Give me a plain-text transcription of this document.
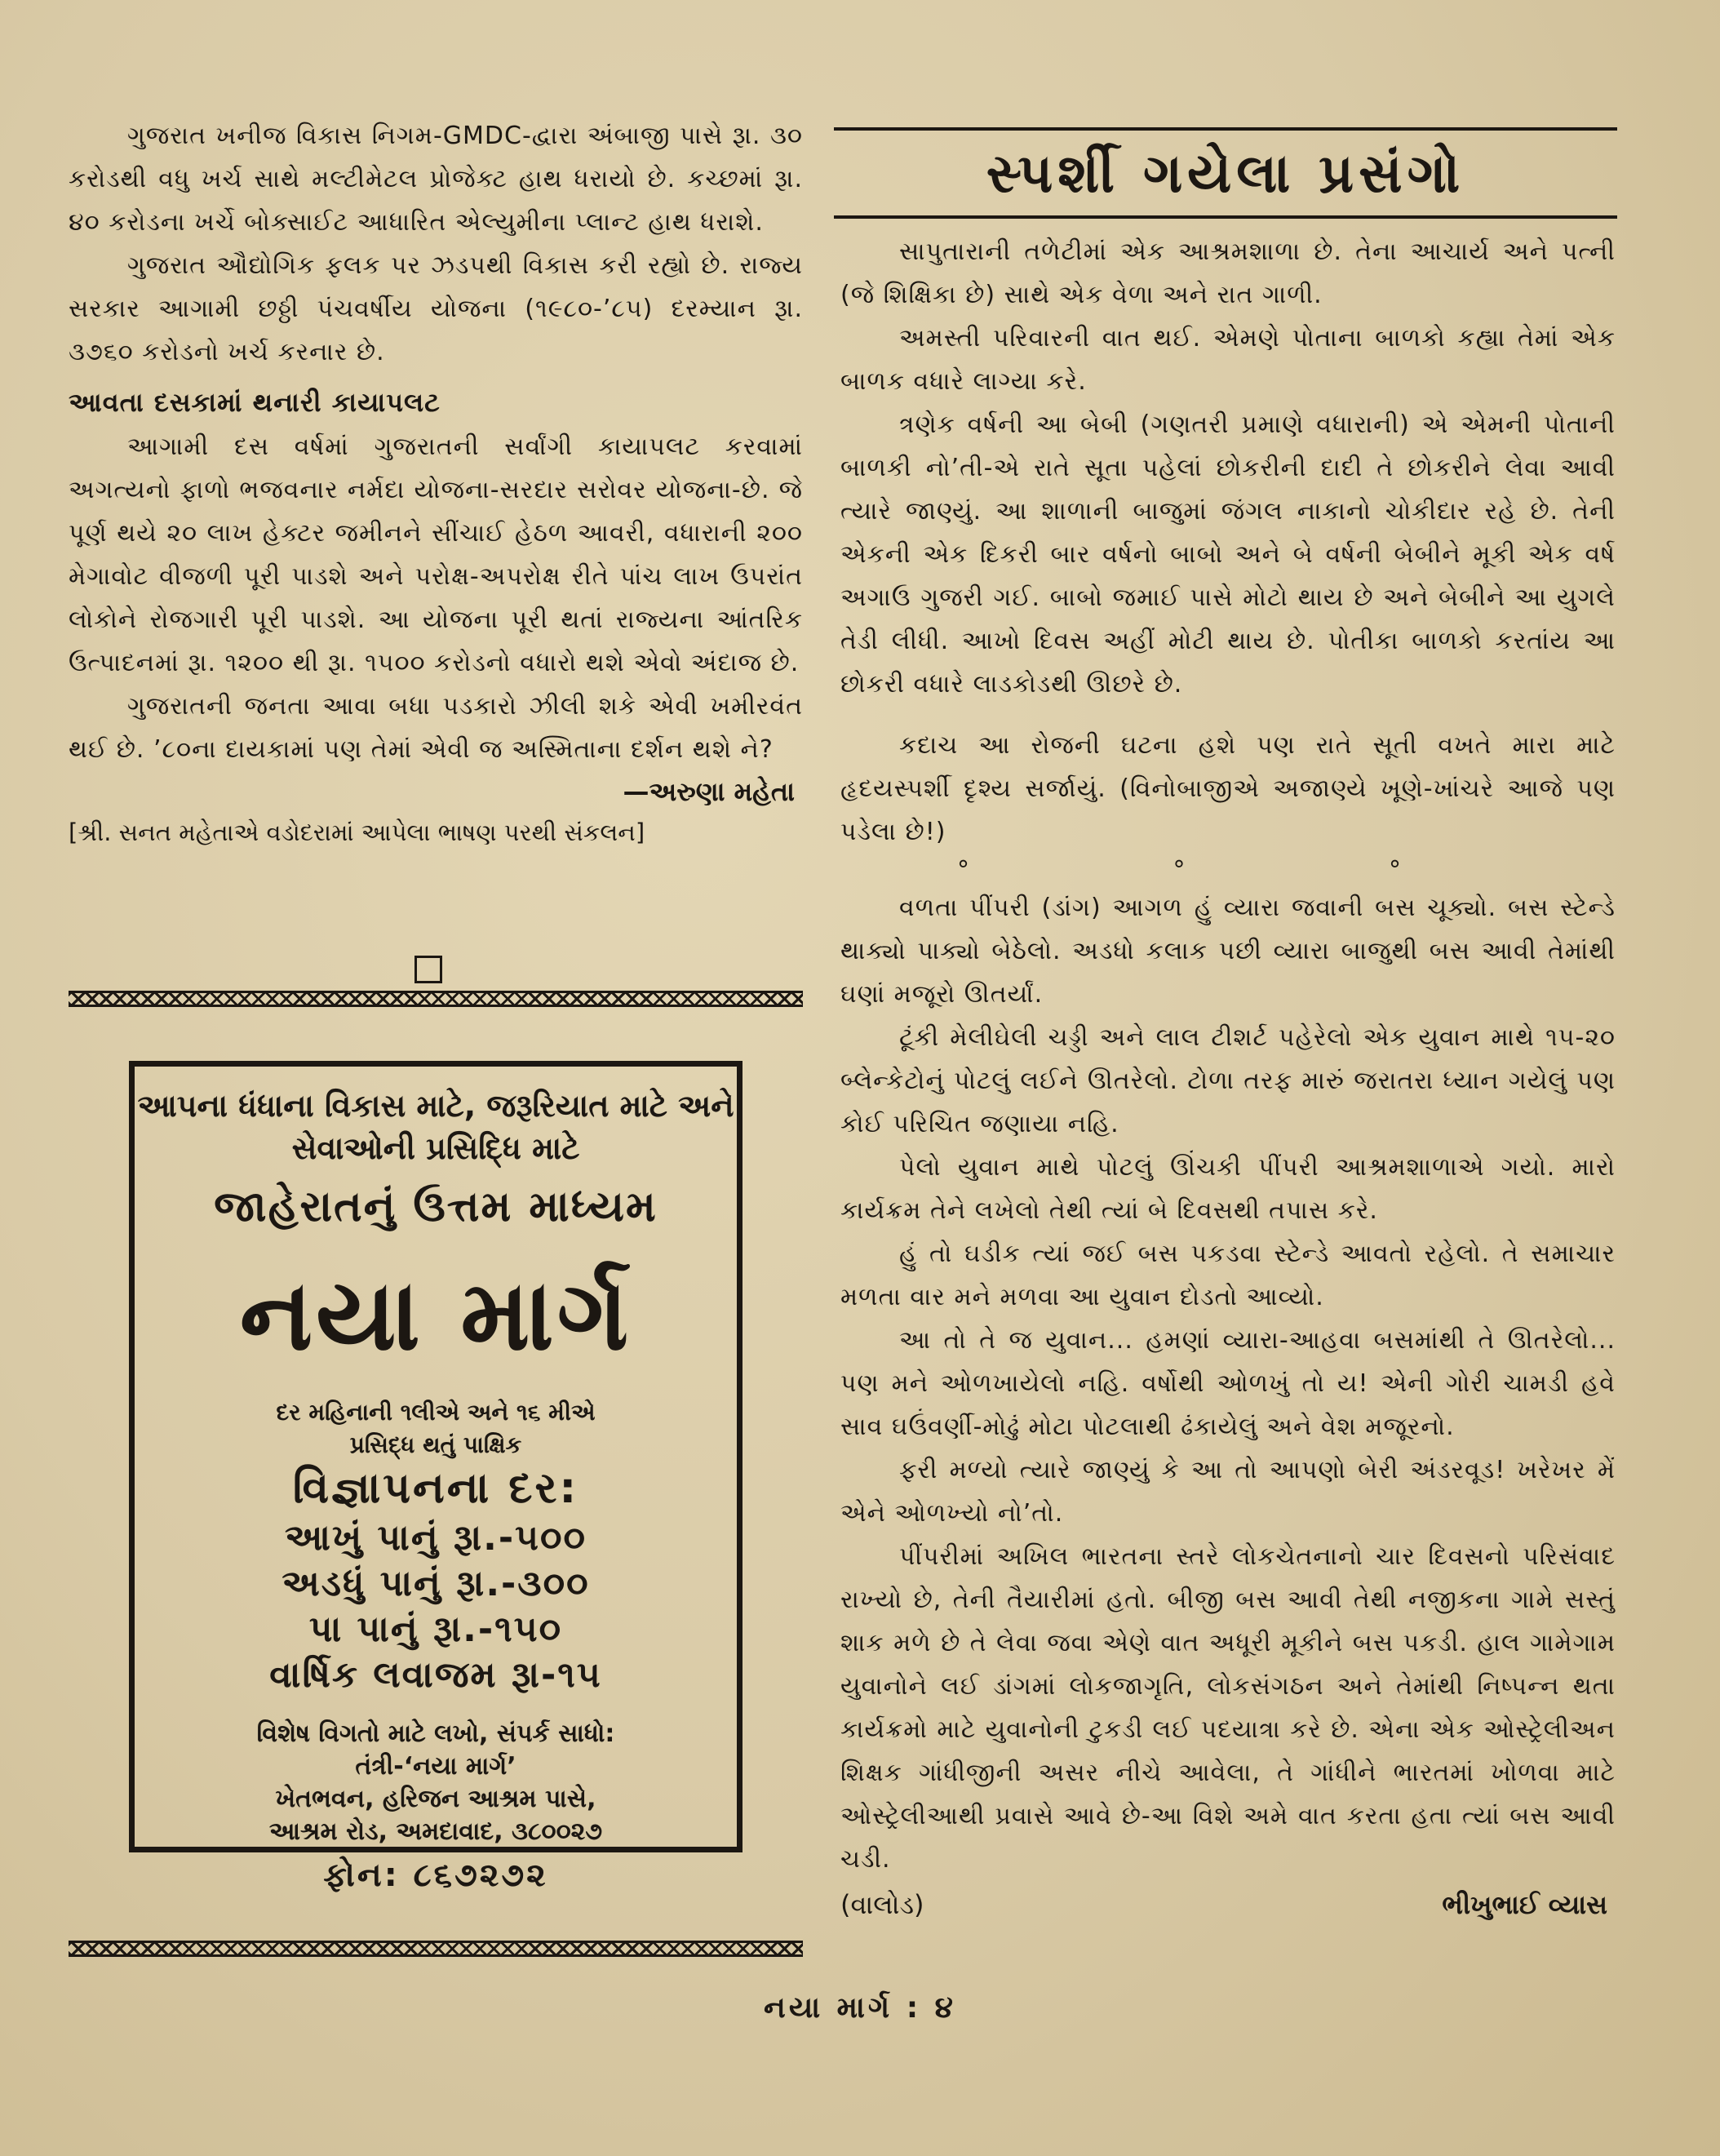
ગુજરાત ખનીજ વિકાસ નિગમ-GMDC-દ્વારા અંબાજી પાસે રૂા. ૩૦ કરોડથી વધુ ખર્ચ સાથે મલ્ટીમેટલ પ્રોજેક્ટ હાથ ધરાયો છે. કચ્છમાં રૂા. ૪૦ કરોડના ખર્ચે બોક્સાઈટ આધારિત એલ્યુમીના પ્લાન્ટ હાથ ધરાશે.

ગુજરાત ઔદ્યોગિક ફલક પર ઝડપથી વિકાસ કરી રહ્યો છે. રાજ્ય સરકાર આગામી છઠ્ઠી પંચવર્ષીય યોજના (૧૯૮૦-’૮૫) દરમ્યાન રૂા. ૩૭૬૦ કરોડનો ખર્ચ કરનાર છે.

આવતા દસકામાં થનારી કાયાપલટ

આગામી દસ વર્ષમાં ગુજરાતની સર્વાંગી કાયાપલટ કરવામાં અગત્યનો ફાળો ભજવનાર નર્મદા યોજના-સરદાર સરોવર યોજના-છે. જે પૂર્ણ થયે ૨૦ લાખ હેક્ટર જમીનને સીંચાઈ હેઠળ આવરી, વધારાની ૨૦૦ મેગાવોટ વીજળી પૂરી પાડશે અને પરોક્ષ-અપરોક્ષ રીતે પાંચ લાખ ઉપરાંત લોકોને રોજગારી પૂરી પાડશે. આ યોજના પૂરી થતાં રાજ્યના આંતરિક ઉત્પાદનમાં રૂા. ૧૨૦૦ થી રૂા. ૧૫૦૦ કરોડનો વધારો થશે એવો અંદાજ છે.

ગુજરાતની જનતા આવા બધા પડકારો ઝીલી શકે એવી ખમીરવંત થઈ છે. ’૮૦ના દાયકામાં પણ તેમાં એવી જ અસ્મિતાના દર્શન થશે ને?

—અરુણા મહેતા
[શ્રી. સનત મહેતાએ વડોદરામાં આપેલા ભાષણ પરથી સંકલન]
આપના ધંધાના વિકાસ માટે, જરૂરિયાત માટે અને
સેવાઓની પ્રસિદ્ધિ માટે
જાહેરાતનું ઉત્તમ માધ્યમ
નયા માર્ગ
દર મહિનાની ૧લીએ અને ૧૬ મીએ
પ્રસિદ્ધ થતું પાક્ષિક
વિજ્ઞાપનના દર:
આખું પાનું રૂા.-૫૦૦
અડધું પાનું રૂા.-૩૦૦
પા પાનું રૂા.-૧૫૦
વાર્ષિક લવાજમ રૂા-૧૫
વિશેષ વિગતો માટે લખો, સંપર્ક સાધો:
તંત્રી-‘નયા માર્ગ’
ખેતભવન, હરિજન આશ્રમ પાસે,
આશ્રમ રોડ, અમદાવાદ, ૩૮૦૦૨૭
ફોન: ૮૬૭૨૭૨
સ્પર્શી ગયેલા પ્રસંગો

સાપુતારાની તળેટીમાં એક આશ્રમશાળા છે. તેના આચાર્ય અને પત્ની (જે શિક્ષિકા છે) સાથે એક વેળા અને રાત ગાળી.

અમસ્તી પરિવારની વાત થઈ. એમણે પોતાના બાળકો કહ્યા તેમાં એક બાળક વધારે લાગ્યા કરે.

ત્રણેક વર્ષની આ બેબી (ગણતરી પ્રમાણે વધારાની) એ એમની પોતાની બાળકી નો’તી-એ રાતે સૂતા પહેલાં છોકરીની દાદી તે છોકરીને લેવા આવી ત્યારે જાણ્યું. આ શાળાની બાજુમાં જંગલ નાકાનો ચોકીદાર રહે છે. તેની એકની એક દિકરી બાર વર્ષનો બાબો અને બે વર્ષની બેબીને મૂકી એક વર્ષ અગાઉ ગુજરી ગઈ. બાબો જમાઈ પાસે મોટો થાય છે અને બેબીને આ યુગલે તેડી લીધી. આખો દિવસ અહીં મોટી થાય છે. પોતીકા બાળકો કરતાંય આ છોકરી વધારે લાડકોડથી ઊછરે છે.

કદાચ આ રોજની ઘટના હશે પણ રાતે સૂતી વખતે મારા માટે હૃદયસ્પર્શી દૃશ્ય સર્જાયું. (વિનોબાજીએ અજાણ્યે ખૂણે-ખાંચરે આજે પણ પડેલા છે!)

° ° °

વળતા પીંપરી (ડાંગ) આગળ હું વ્યારા જવાની બસ ચૂક્યો. બસ સ્ટેન્ડે થાક્યો પાક્યો બેઠેલો. અડધો કલાક પછી વ્યારા બાજુથી બસ આવી તેમાંથી ઘણાં મજૂરો ઊતર્યાં.

ટૂંકી મેલીઘેલી ચડ્ડી અને લાલ ટીશર્ટ પહેરેલો એક યુવાન માથે ૧૫-૨૦ બ્લેન્કેટોનું પોટલું લઈને ઊતરેલો. ટોળા તરફ મારું જરાતરા ધ્યાન ગયેલું પણ કોઈ પરિચિત જણાયા નહિ.

પેલો યુવાન માથે પોટલું ઊંચકી પીંપરી આશ્રમશાળાએ ગયો. મારો કાર્યક્રમ તેને લખેલો તેથી ત્યાં બે દિવસથી તપાસ કરે.

હું તો ઘડીક ત્યાં જઈ બસ પકડવા સ્ટેન્ડે આવતો રહેલો. તે સમાચાર મળતા વાર મને મળવા આ યુવાન દોડતો આવ્યો.

આ તો તે જ યુવાન... હમણાં વ્યારા-આહવા બસમાંથી તે ઊતરેલો... પણ મને ઓળખાયેલો નહિ. વર્ષોથી ઓળખું તો ય! એની ગોરી ચામડી હવે સાવ ઘઉંવર્ણી-મોઢું મોટા પોટલાથી ઢંકાયેલું અને વેશ મજૂરનો.

ફરી મળ્યો ત્યારે જાણ્યું કે આ તો આપણો બેરી અંડરવૂડ! ખરેખર મેં એને ઓળખ્યો નો’તો.

પીંપરીમાં અખિલ ભારતના સ્તરે લોકચેતનાનો ચાર દિવસનો પરિસંવાદ રાખ્યો છે, તેની તૈયારીમાં હતો. બીજી બસ આવી તેથી નજીકના ગામે સસ્તું શાક મળે છે તે લેવા જવા એણે વાત અધૂરી મૂકીને બસ પકડી. હાલ ગામેગામ યુવાનોને લઈ ડાંગમાં લોકજાગૃતિ, લોકસંગઠન અને તેમાંથી નિષ્પન્ન થતા કાર્યક્રમો માટે યુવાનોની ટુકડી લઈ પદયાત્રા કરે છે. એના એક ઓસ્ટ્રેલીઅન શિક્ષક ગાંધીજીની અસર નીચે આવેલા, તે ગાંધીને ભારતમાં ખોળવા માટે ઓસ્ટ્રેલીઆથી પ્રવાસે આવે છે-આ વિશે અમે વાત કરતા હતા ત્યાં બસ આવી ચડી.

(વાલોડ)	ભીખુભાઈ વ્યાસ
નયા માર્ગ : ૪
